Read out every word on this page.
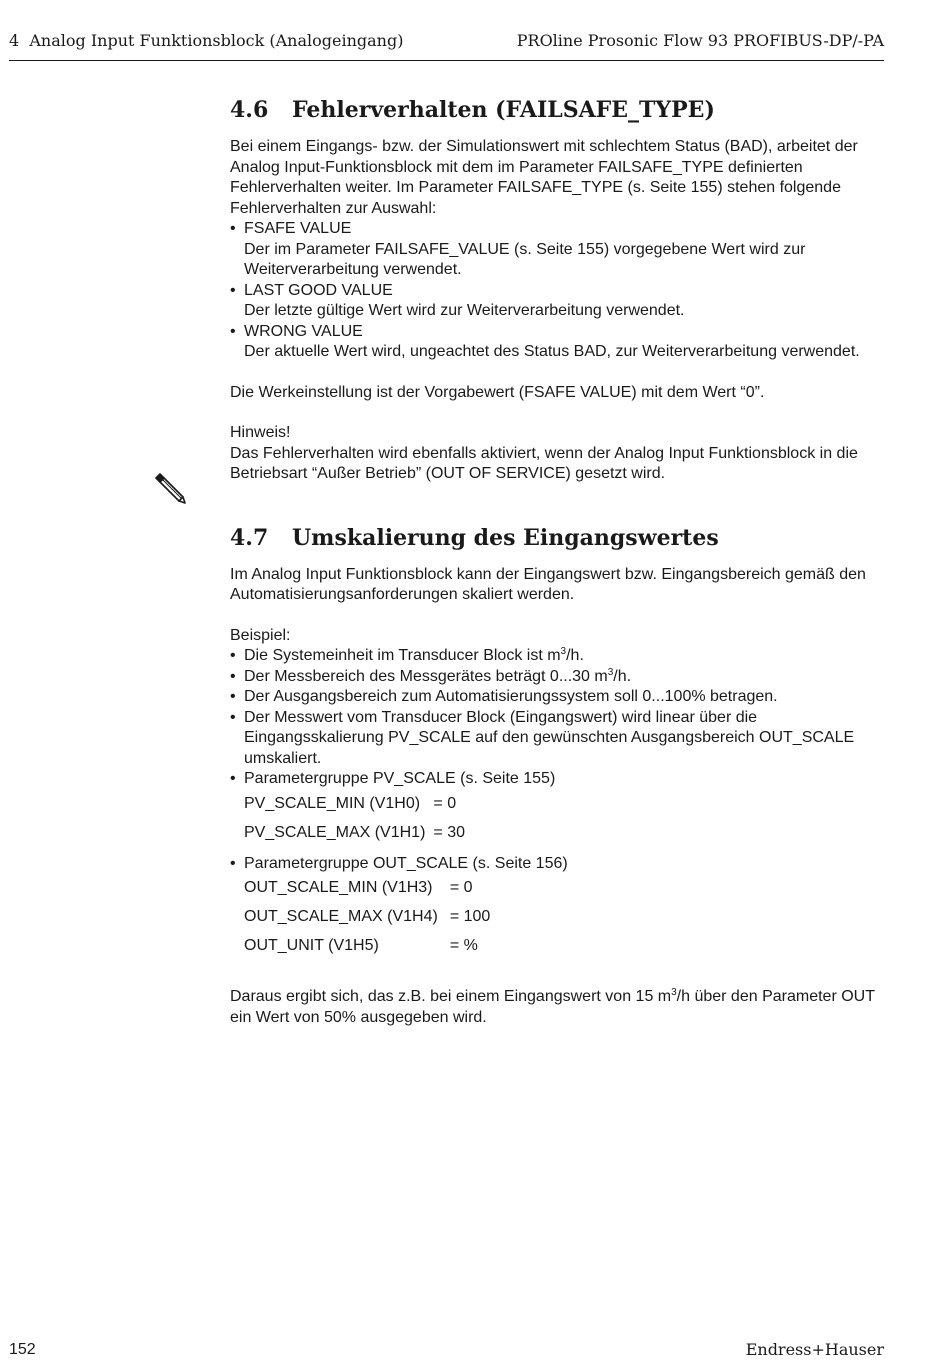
4  Analog Input Funktionsblock (Analogeingang)	PROline Prosonic Flow 93 PROFIBUS-DP/-PA
4.6	Fehlerverhalten (FAILSAFE_TYPE)

Bei einem Eingangs- bzw. der Simulationswert mit schlechtem Status (BAD), arbeitet der Analog Input-Funktionsblock mit dem im Parameter FAILSAFE_TYPE definierten Fehlerverhalten weiter. Im Parameter FAILSAFE_TYPE (s. Seite 155) stehen folgende Fehlerverhalten zur Auswahl:

• FSAFE VALUE
Der im Parameter FAILSAFE_VALUE (s. Seite 155) vorgegebene Wert wird zur Weiterverarbeitung verwendet.
• LAST GOOD VALUE
Der letzte gültige Wert wird zur Weiterverarbeitung verwendet.
• WRONG VALUE
Der aktuelle Wert wird, ungeachtet des Status BAD, zur Weiterverarbeitung verwendet.

Die Werkeinstellung ist der Vorgabewert (FSAFE VALUE) mit dem Wert “0”.

Hinweis!
Das Fehlerverhalten wird ebenfalls aktiviert, wenn der Analog Input Funktionsblock in die Betriebsart “Außer Betrieb” (OUT OF SERVICE) gesetzt wird.
4.7	Umskalierung des Eingangswertes

Im Analog Input Funktionsblock kann der Eingangswert bzw. Eingangsbereich gemäß den Automatisierungsanforderungen skaliert werden.

Beispiel:

• Die Systemeinheit im Transducer Block ist $m^3/h$.
• Der Messbereich des Messgerätes beträgt 0...30 $m^3/h$.
• Der Ausgangsbereich zum Automatisierungssystem soll 0...100% betragen.
• Der Messwert vom Transducer Block (Eingangswert) wird linear über die Eingangsskalierung PV_SCALE auf den gewünschten Ausgangsbereich OUT_SCALE umskaliert.
• Parametergruppe PV_SCALE (s. Seite 155)
PV_SCALE_MIN (V1H0)	= 0
PV_SCALE_MAX (V1H1)	= 30
• Parametergruppe OUT_SCALE (s. Seite 156)
OUT_SCALE_MIN (V1H3)	= 0
OUT_SCALE_MAX (V1H4)	= 100
OUT_UNIT (V1H5)	= %

Daraus ergibt sich, das z.B. bei einem Eingangswert von 15 $m^3/h$ über den Parameter OUT ein Wert von 50% ausgegeben wird.

152	Endress+Hauser
